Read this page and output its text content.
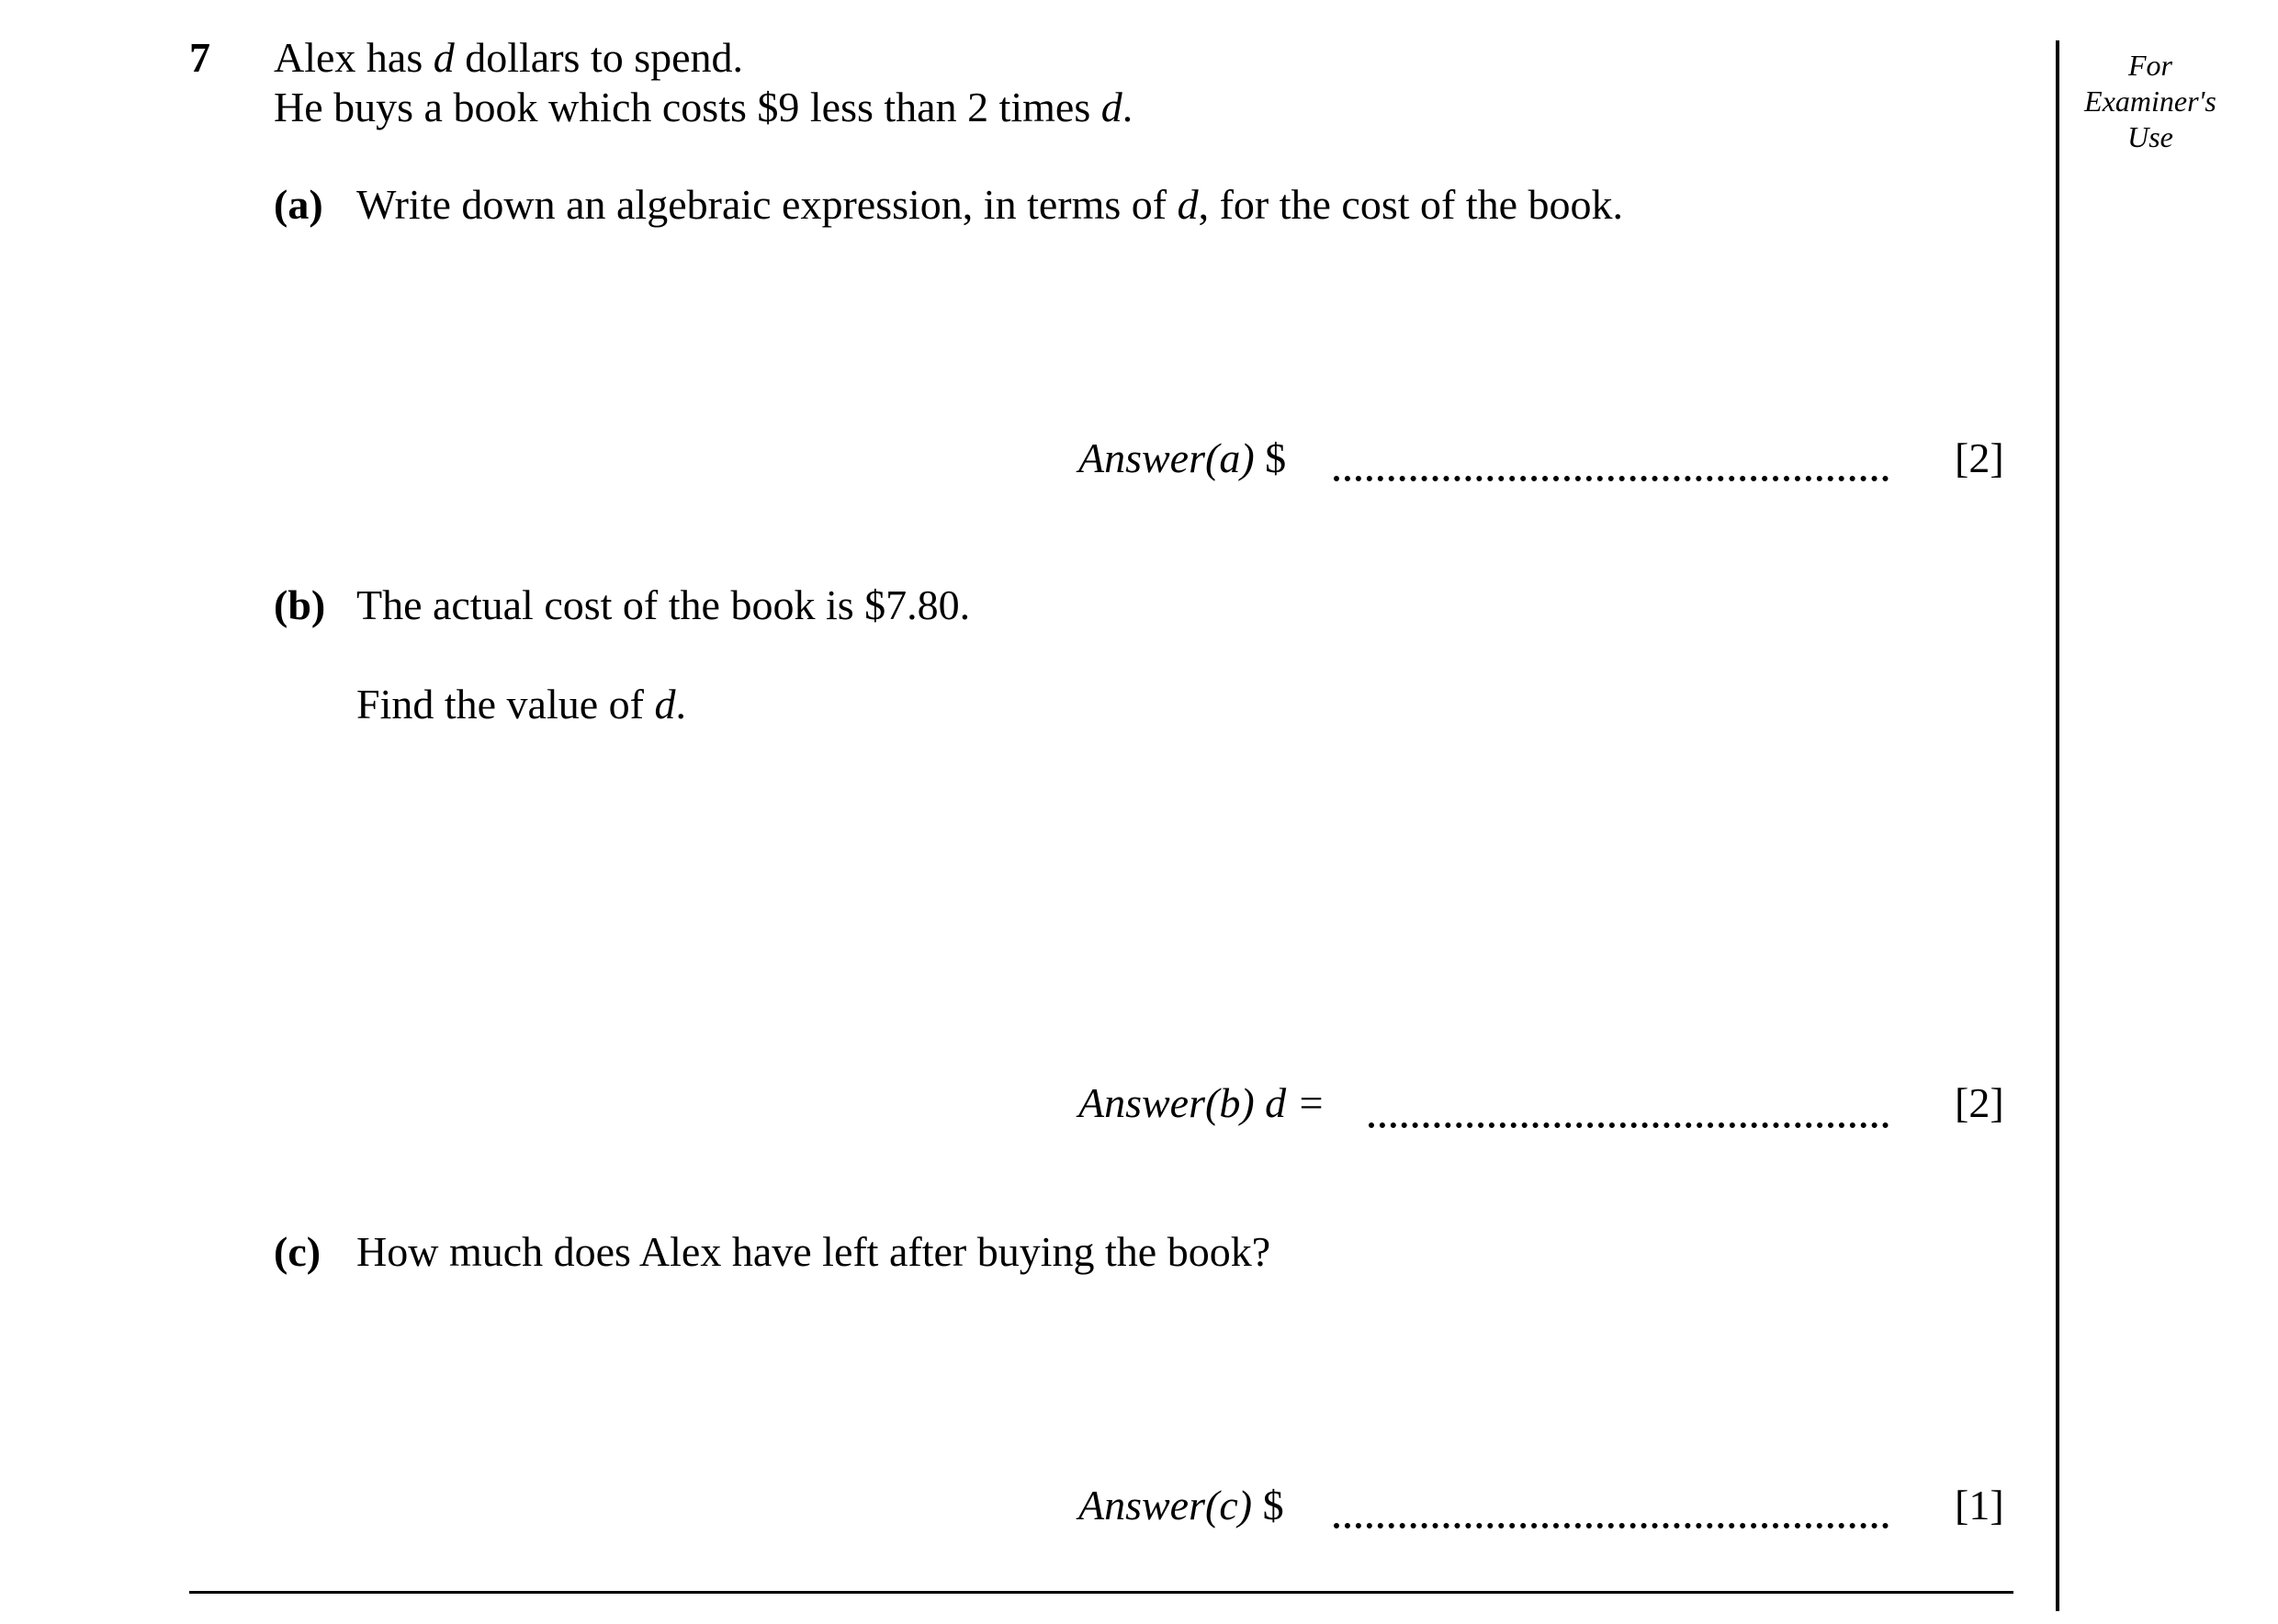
7 Alex has d dollars to spend.
He buys a book which costs $9 less than 2 times d.
(a) Write down an algebraic expression, in terms of d, for the cost of the book.
Answer(a) $	[2]
(b) The actual cost of the book is $7.80.
Find the value of d.
Answer(b) d =	[2]
(c) How much does Alex have left after buying the book?
Answer(c) $	[1]
For
Examiner's
Use
